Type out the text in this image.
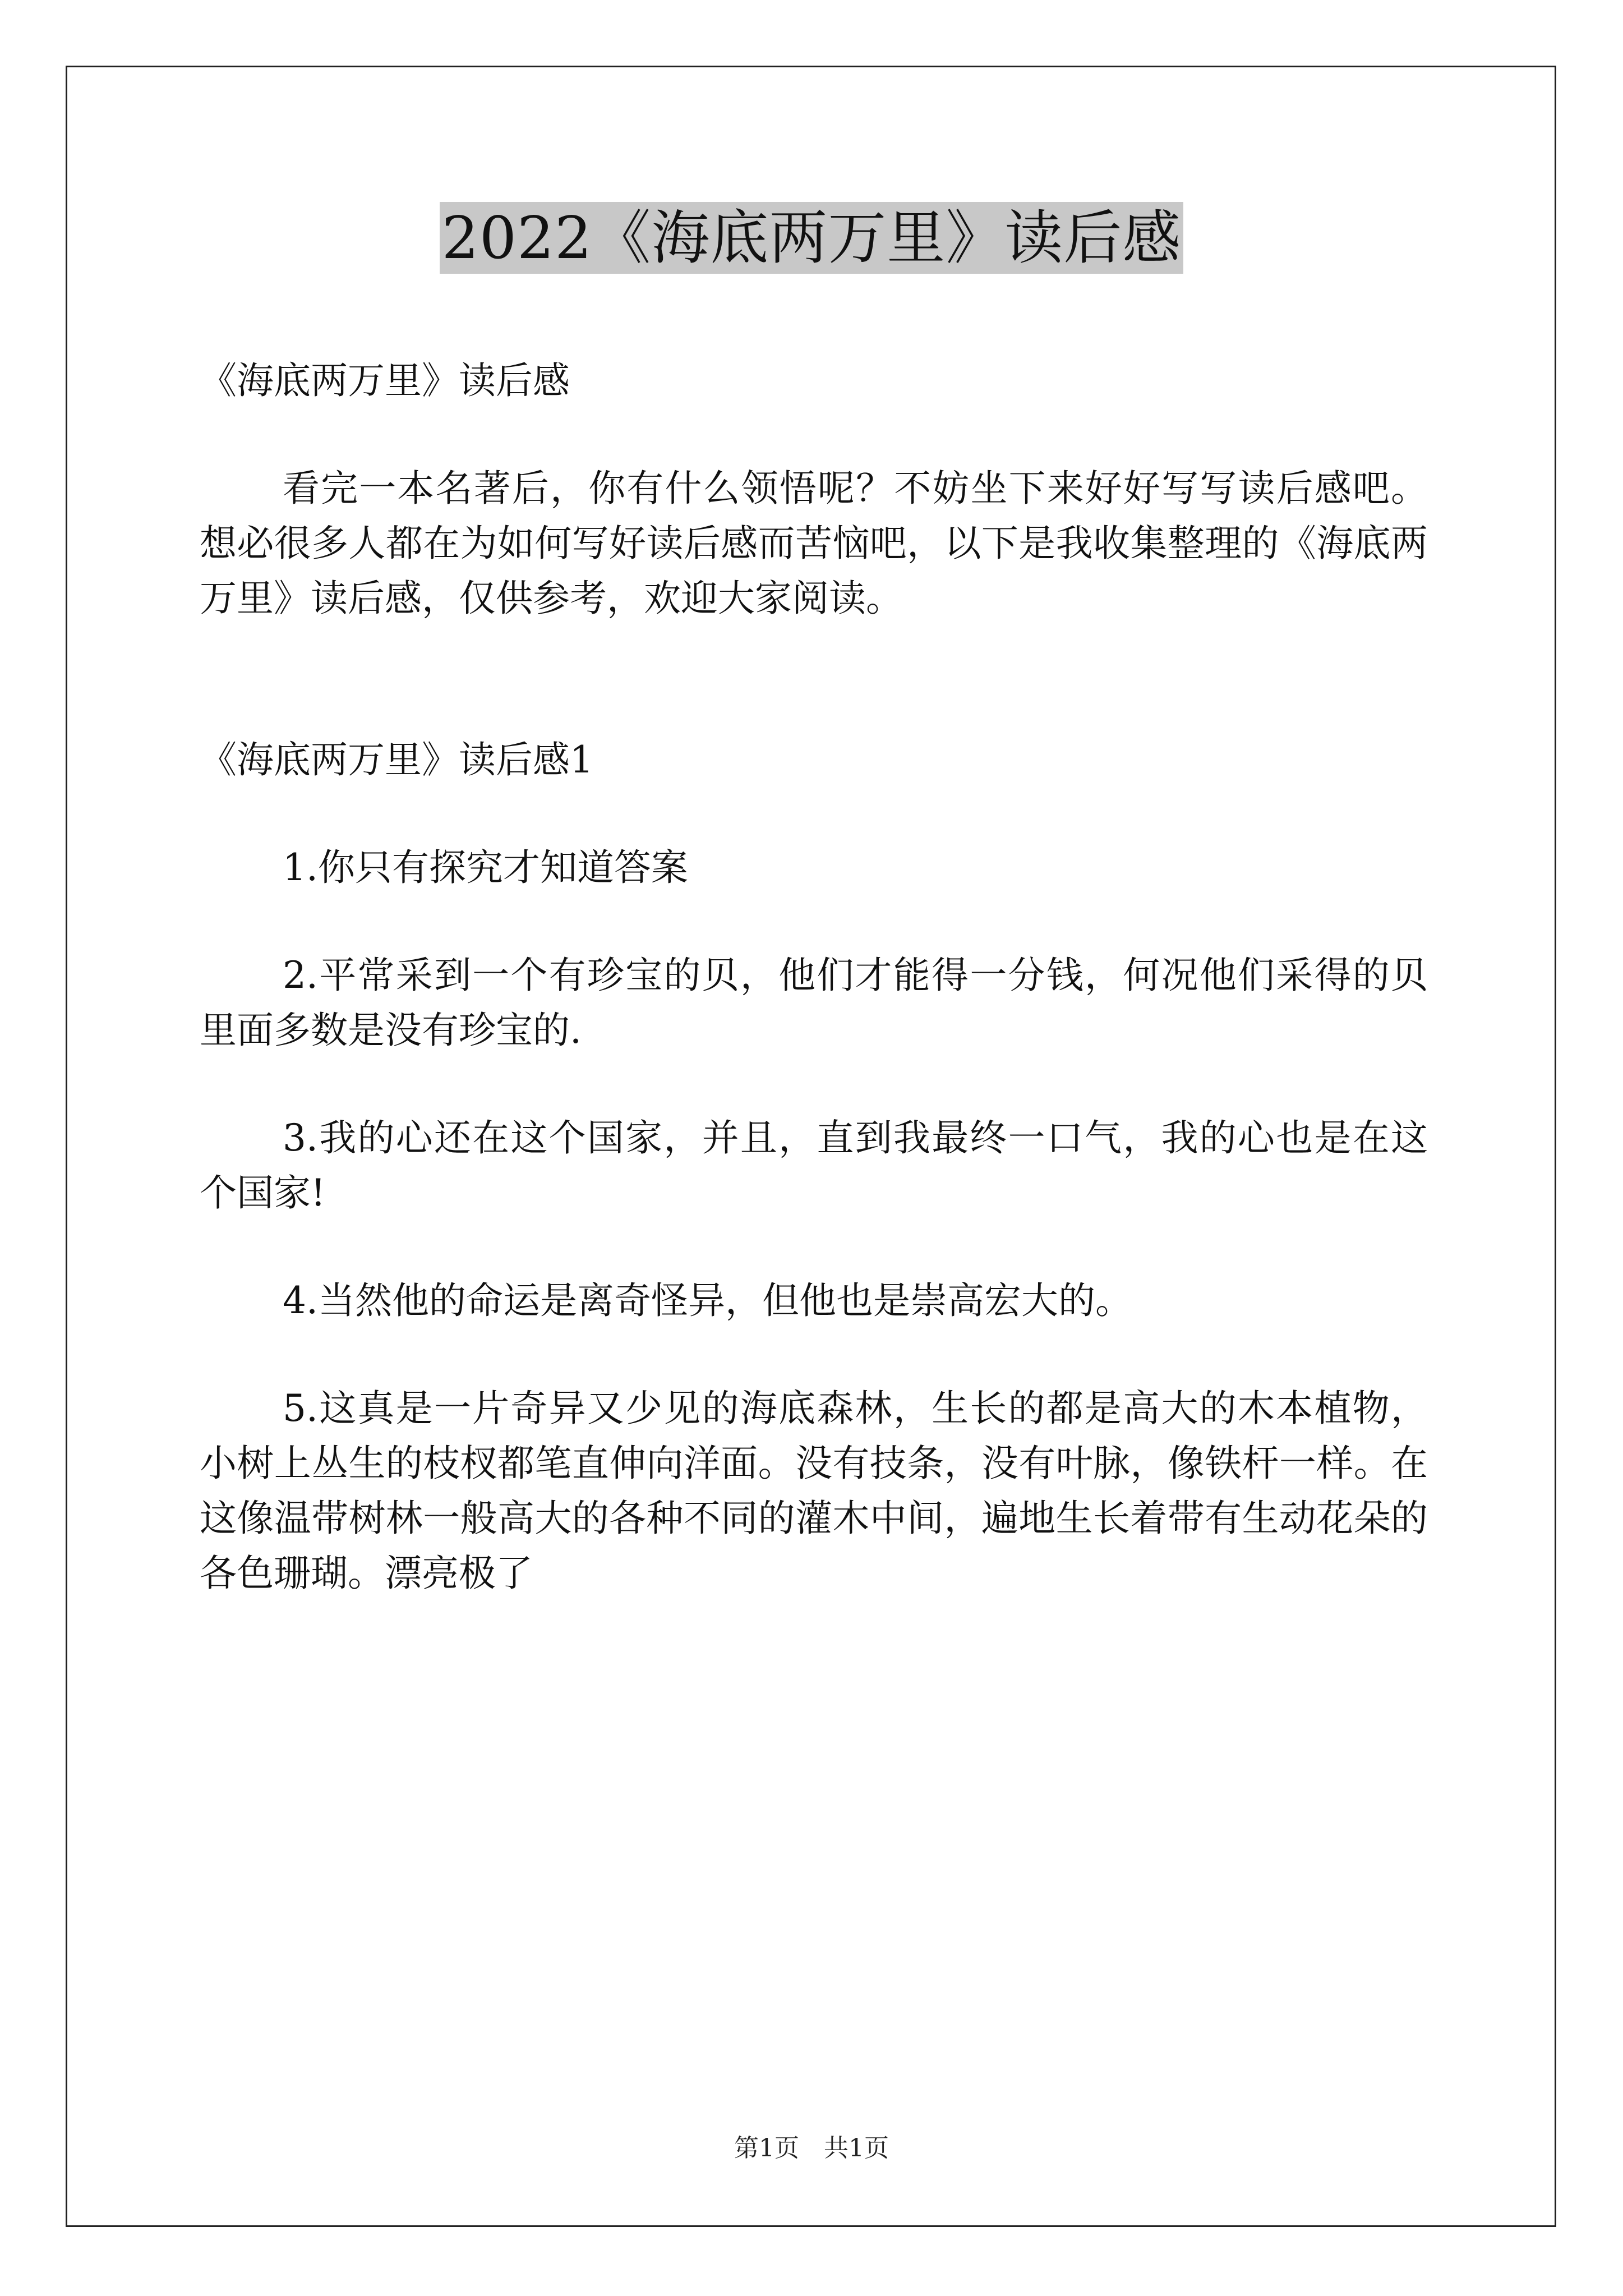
2022《海底两万里》读后感

《海底两万里》读后感

看完一本名著后，你有什么领悟呢？不妨坐下来好好写写读后感吧。想必很多人都在为如何写好读后感而苦恼吧，以下是我收集整理的《海底两万里》读后感，仅供参考，欢迎大家阅读。

《海底两万里》读后感1

1.你只有探究才知道答案

2.平常采到一个有珍宝的贝，他们才能得一分钱，何况他们采得的贝里面多数是没有珍宝的.

3.我的心还在这个国家，并且，直到我最终一口气，我的心也是在这个国家!

4.当然他的命运是离奇怪异，但他也是崇高宏大的。

5.这真是一片奇异又少见的海底森林，生长的都是高大的木本植物，小树上丛生的枝杈都笔直伸向洋面。没有技条，没有叶脉，像铁杆一样。在这像温带树林一般高大的各种不同的灌木中间，遍地生长着带有生动花朵的各色珊瑚。漂亮极了

第1页　共1页
